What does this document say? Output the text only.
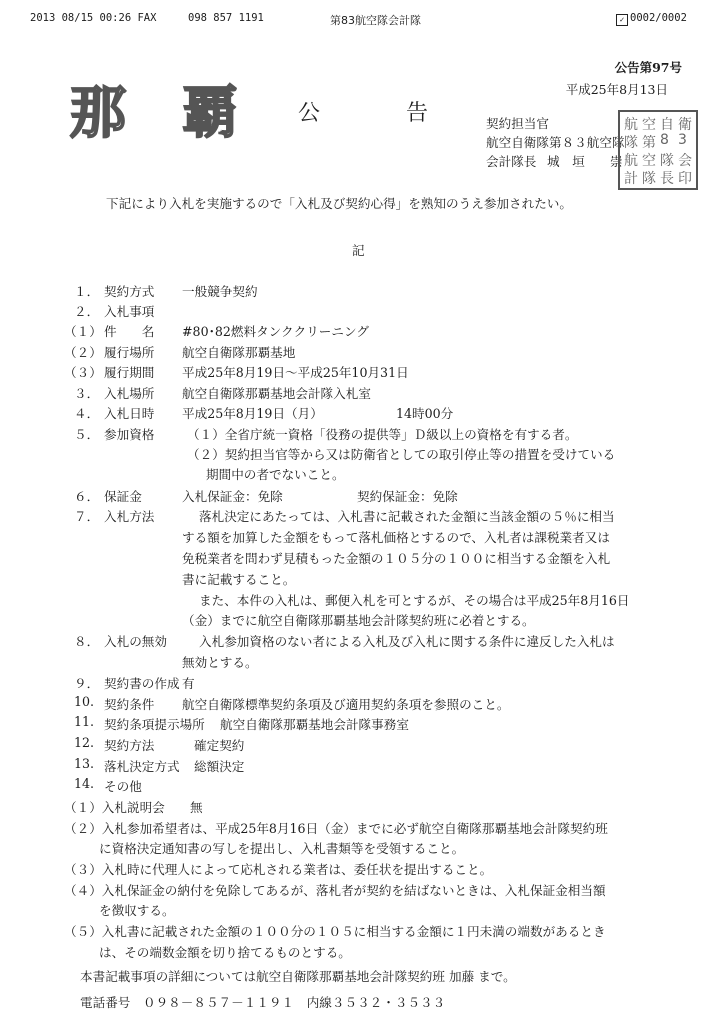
2013 08/15 00:26 FAX	098 857 1191	第83航空隊会計隊	✓ 0002/0002
那 覇	公	告
公告第97号
平成25年8月13日
契約担当官
航空自衛隊第８３航空隊
会計隊長 城　垣　　崇
航 空 自 衛
隊 第 8 3
航 空 隊 会
計 隊 長 印
下記により入札を実施するので「入札及び契約心得」を熟知のうえ参加されたい。
記
１． 契約方式 一般競争契約
２． 入札事項
（１） 件　　名 #80･82燃料タンククリーニング
（２） 履行場所 航空自衛隊那覇基地
（３） 履行期間 平成25年8月19日～平成25年10月31日
３． 入札場所 航空自衛隊那覇基地会計隊入札室
４． 入札日時 平成25年8月19日（月）	14時00分
５． 参加資格	（１）全省庁統一資格「役務の提供等」Ｄ級以上の資格を有する者。
（２）契約担当官等から又は防衛省としての取引停止等の措置を受けている
期間中の者でないこと。
６． 保証金	入札保証金：免除	契約保証金：免除
７． 入札方法	落札決定にあたっては、入札書に記載された金額に当該金額の５％に相当
する額を加算した金額をもって落札価格とするので、入札者は課税業者又は
免税業者を問わず見積もった金額の１０５分の１００に相当する金額を入札
書に記載すること。
また、本件の入札は、郵便入札を可とするが、その場合は平成25年8月16日
（金）までに航空自衛隊那覇基地会計隊契約班に必着とする。
８． 入札の無効	入札参加資格のない者による入札及び入札に関する条件に違反した入札は
無効とする。
９． 契約書の作成 有
10. 契約条件 航空自衛隊標準契約条項及び適用契約条項を参照のこと。
11. 契約条項提示場所 航空自衛隊那覇基地会計隊事務室
12. 契約方法	確定契約
13. 落札決定方式 総額決定
14. その他
（１）入札説明会　　無
（２）入札参加希望者は、平成25年8月16日（金）までに必ず航空自衛隊那覇基地会計隊契約班
に資格決定通知書の写しを提出し、入札書類等を受領すること。
（３）入札時に代理人によって応札される業者は、委任状を提出すること。
（４）入札保証金の納付を免除してあるが、落札者が契約を結ばないときは、入札保証金相当額
を徴収する。
（５）入札書に記載された金額の１００分の１０５に相当する金額に１円未満の端数があるとき
は、その端数金額を切り捨てるものとする。
本書記載事項の詳細については航空自衛隊那覇基地会計隊契約班 加藤 まで。
電話番号　０９８－８５７－１１９１　内線３５３２・３５３３
